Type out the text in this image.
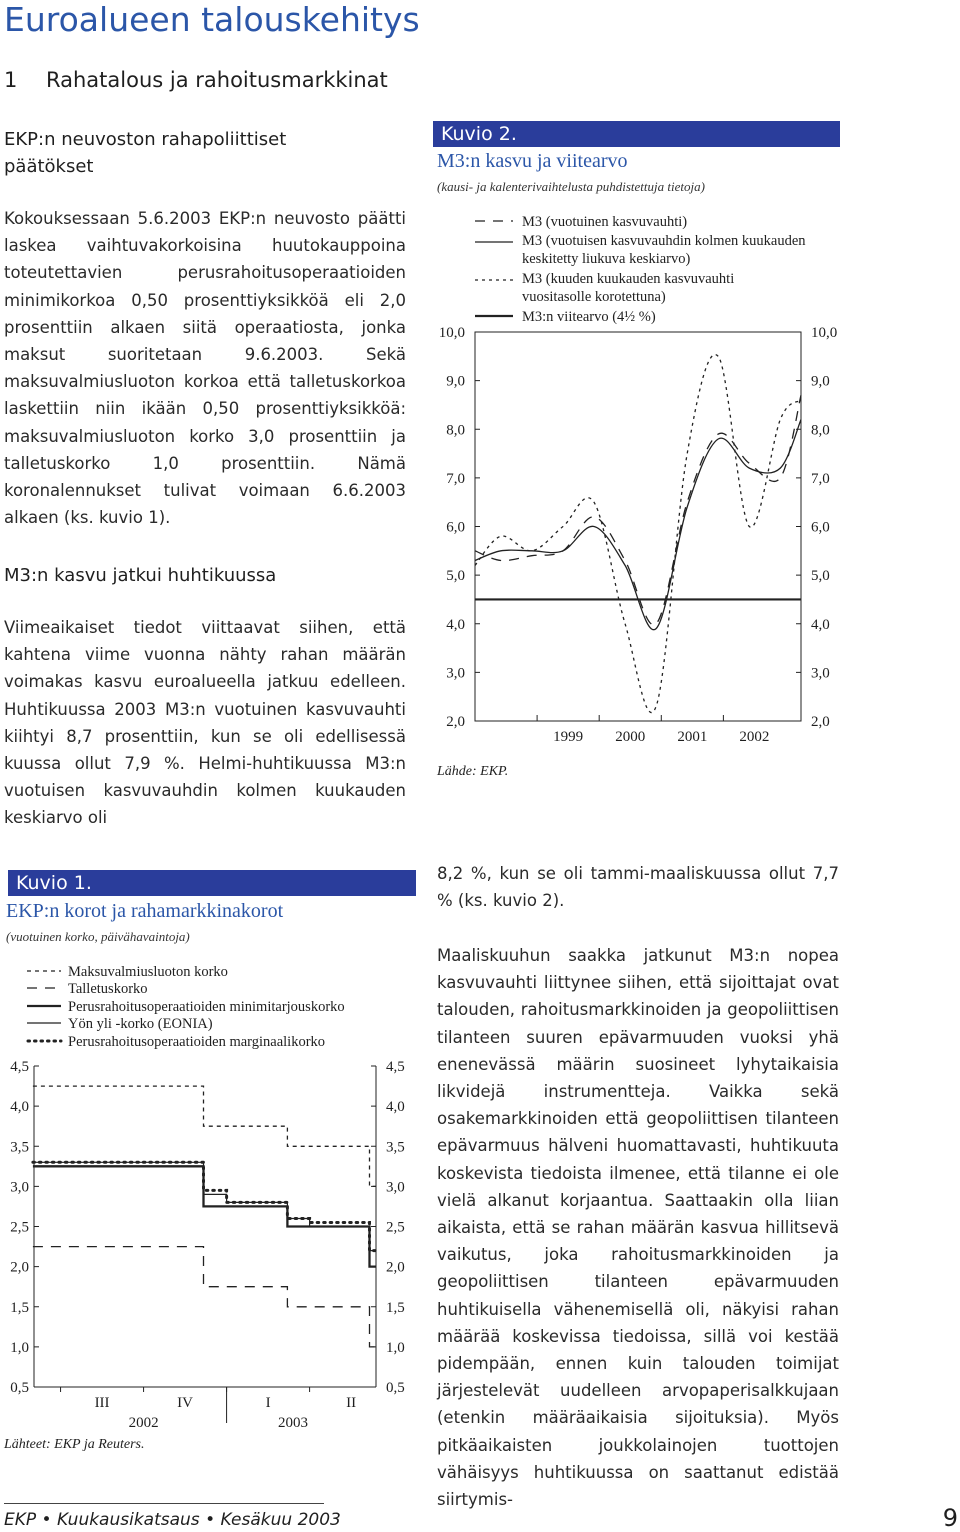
Euroalueen talouskehitys
1 Rahatalous ja rahoitusmarkkinat
EKP:n neuvoston rahapoliittiset päätökset
Kokouksessaan 5.6.2003 EKP:n neuvosto päätti laskea vaihtuvakorkoisina huutokauppoina toteutettavien perusrahoitusoperaatioiden minimikorkoa 0,50 prosenttiyksikköä eli 2,0 prosenttiin alkaen siitä operaatiosta, jonka maksut suoritetaan 9.6.2003. Sekä maksuvalmiusluoton korkoa että talletuskorkoa laskettiin niin ikään 0,50 prosenttiyksikköä: maksuvalmiusluoton korko 3,0 prosenttiin ja talletuskorko 1,0 prosenttiin. Nämä koronalennukset tulivat voimaan 6.6.2003 alkaen (ks. kuvio 1).
M3:n kasvu jatkui huhtikuussa
Viimeaikaiset tiedot viittaavat siihen, että kahtena viime vuonna nähty rahan määrän voimakas kasvu euroalueella jatkuu edelleen. Huhtikuussa 2003 M3:n vuotuinen kasvuvauhti kiihtyi 8,7 prosenttiin, kun se oli edellisessä kuussa ollut 7,9 %. Helmi-huhtikuussa M3:n vuotuisen kasvuvauhdin kolmen kuukauden keskiarvo oli
Kuvio 2.
M3:n kasvu ja viitearvo
(kausi- ja kalenterivaihtelusta puhdistettuja tietoja)
M3 (vuotuinen kasvuvauhti)
M3 (vuotuisen kasvuvauhdin kolmen kuukauden keskitetty liukuva keskiarvo)
M3 (kuuden kuukauden kasvuvauhti vuositasolle korotettuna)
M3:n viitearvo (4½ %)
10,0	10,0
9,0	9,0
8,0	8,0
7,0	7,0
6,0	6,0
5,0	5,0
4,0	4,0
3,0	3,0
2,0	2,0
1999 2000 2001 2002
Lähde: EKP.
Kuvio 1.
EKP:n korot ja rahamarkkinakorot
(vuotuinen korko, päivähavaintoja)
Maksuvalmiusluoton korko
Talletuskorko
Perusrahoitusoperaatioiden minimitarjouskorko
Yön yli -korko (EONIA)
Perusrahoitusoperaatioiden marginaalikorko
4,5	4,5
4,0	4,0
3,5	3,5
3,0	3,0
2,5	2,5
2,0	2,0
1,5	1,5
1,0	1,0
0,5	0,5
III	IV	I	II
2002	2003
Lähteet: EKP ja Reuters.
8,2 %, kun se oli tammi-maaliskuussa ollut 7,7 % (ks. kuvio 2).
Maaliskuuhun saakka jatkunut M3:n nopea kasvuvauhti liittynee siihen, että sijoittajat ovat talouden, rahoitusmarkkinoiden ja geopoliittisen tilanteen suuren epävarmuuden vuoksi yhä enenevässä määrin suosineet lyhytaikaisia likvidejä instrumentteja. Vaikka sekä osakemarkkinoiden että geopoliittisen tilanteen epävarmuus hälveni huomattavasti, huhtikuuta koskevista tiedoista ilmenee, että tilanne ei ole vielä alkanut korjaantua. Saattaakin olla liian aikaista, että se rahan määrän kasvua hillitsevä vaikutus, joka rahoitusmarkkinoiden ja geopoliittisen tilanteen epävarmuuden huhtikuisella vähenemisellä oli, näkyisi rahan määrää koskevissa tiedoissa, sillä voi kestää pidempään, ennen kuin talouden toimijat järjestelevät uudelleen arvopaperisalkkujaan (etenkin määräaikaisia sijoituksia). Myös pitkäaikaisten joukkolainojen tuottojen vähäisyys huhtikuussa on saattanut edistää siirtymis-
EKP • Kuukausikatsaus • Kesäkuu 2003	9
